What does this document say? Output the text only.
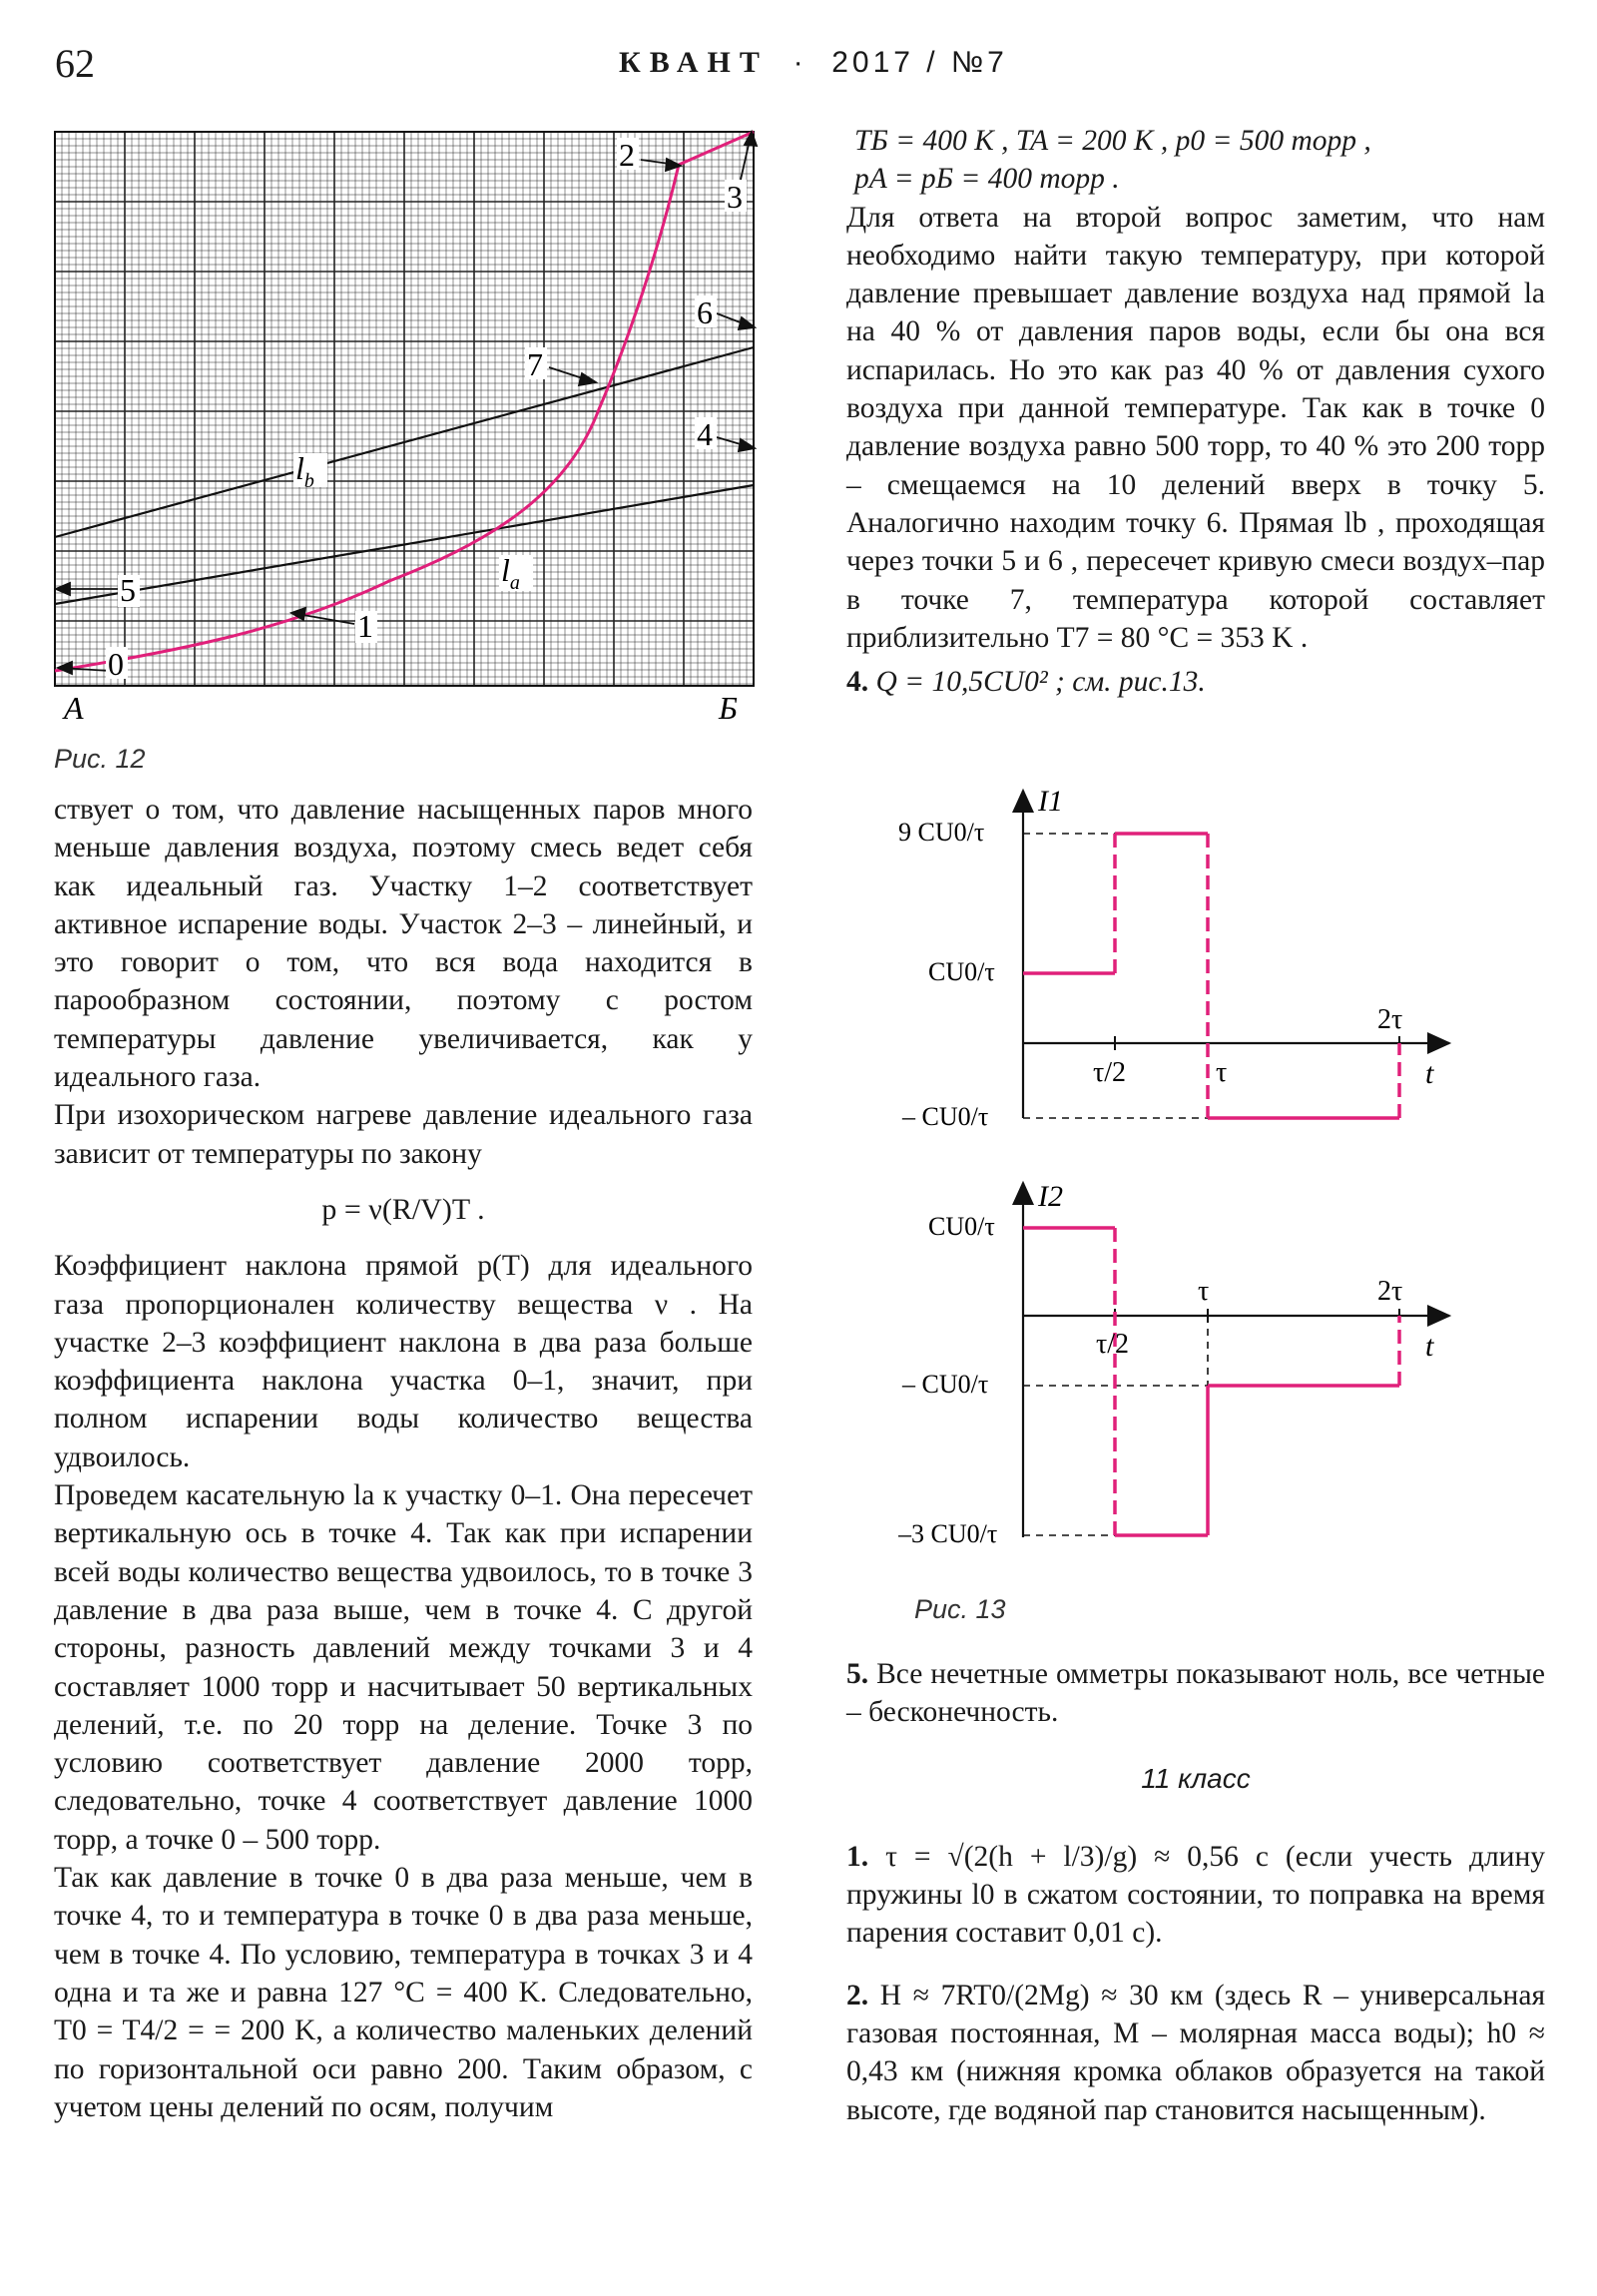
62	КВАНТ · 2017 / №7
0
1
2
3
4
5
6
7
$l_b$
$l_a$
A	Б
Рис. 12

ствует о том, что давление насыщенных паров много меньше давления воздуха, поэтому смесь ведет себя как идеальный газ. Участку 1–2 соответствует активное испарение воды. Участок 2–3 – линейный, и это говорит о том, что вся вода находится в парообразном состоянии, поэтому с ростом температуры давление увеличивается, как у идеального газа.

При изохорическом нагреве давление идеального газа зависит от температуры по закону

p = ν(R/V)T .

Коэффициент наклона прямой p(T) для идеального газа пропорционален количеству вещества ν . На участке 2–3 коэффициент наклона в два раза больше коэффициента наклона участка 0–1, значит, при полном испарении воды количество вещества удвоилось.

Проведем касательную la к участку 0–1. Она пересечет вертикальную ось в точке 4. Так как при испарении всей воды количество вещества удвоилось, то в точке 3 давление в два раза выше, чем в точке 4. С другой стороны, разность давлений между точками 3 и 4 составляет 1000 торр и насчитывает 50 вертикальных делений, т.е. по 20 торр на деление. Точке 3 по условию соответствует давление 2000 торр, следовательно, точке 4 соответствует давление 1000 торр, а точке 0 – 500 торр.

Так как давление в точке 0 в два раза меньше, чем в точке 4, то и температура в точке 0 в два раза меньше, чем в точке 4. По условию, температура в точках 3 и 4 одна и та же и равна 127 °C = 400 K. Следовательно, T0 = T4/2 = = 200 K, а количество маленьких делений по горизонтальной оси равно 200. Таким образом, с учетом цены делений по осям, получим

TБ = 400 K , TA = 200 K , p0 = 500 торр ,
pA = pБ = 400 торр .

Для ответа на второй вопрос заметим, что нам необходимо найти такую температуру, при которой давление превышает давление воздуха над прямой la на 40 % от давления паров воды, если бы она вся испарилась. Но это как раз 40 % от давления сухого воздуха при данной температуре. Так как в точке 0 давление воздуха равно 500 торр, то 40 % это 200 торр – смещаемся на 10 делений вверх в точку 5. Аналогично находим точку 6. Прямая lb , проходящая через точки 5 и 6 , пересечет кривую смеси воздух–пар в точке 7, температура которой составляет приблизительно T7 = 80 °C = 353 K .

4. Q = 10,5CU0² ; см. рис.13.
I1
I2
t
t
τ/2	τ
2τ
τ/2
τ	2τ
9 CU0/τ
CU0/τ
– CU0/τ
CU0/τ
– CU0/τ
–3 CU0/τ
Рис. 13
5. Все нечетные омметры показывают ноль, все четные – бесконечность.
11 класс
1. τ = √(2(h + l/3)/g) ≈ 0,56 с (если учесть длину пружины l0 в сжатом состоянии, то поправка на время парения составит 0,01 с).
2. H ≈ 7RT0/(2Mg) ≈ 30 км (здесь R – универсальная газовая постоянная, M – молярная масса воды); h0 ≈ 0,43 км (нижняя кромка облаков образуется на такой высоте, где водяной пар становится насыщенным).
